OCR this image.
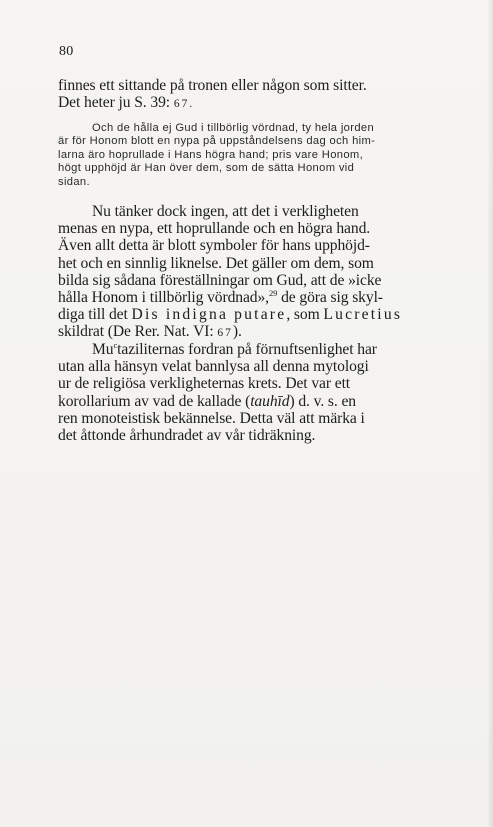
80
finnes ett sittande på tronen eller någon som sitter.
Det heter ju S. 39: 67.
Och de hålla ej Gud i tillbörlig vördnad, ty hela jorden
är för Honom blott en nypa på uppståndelsens dag och him-
larna äro hoprullade i Hans högra hand; pris vare Honom,
högt upphöjd är Han över dem, som de sätta Honom vid
sidan.
Nu tänker dock ingen, att det i verkligheten
menas en nypa, ett hoprullande och en högra hand.
Även allt detta är blott symboler för hans upphöjd-
het och en sinnlig liknelse. Det gäller om dem, som
bilda sig sådana föreställningar om Gud, att de »icke
hålla Honom i tillbörlig vördnad»,$^{29}$ de göra sig skyl-
diga till det Dis indigna putare, som Lucretius
skildrat (De Rer. Nat. VI: 67).
Mu$^c$taziliternas fordran på förnuftsenlighet har
utan alla hänsyn velat bannlysa all denna mytologi
ur de religiösa verkligheternas krets. Det var ett
korollarium av vad de kallade (tauhīd) d. v. s. en
ren monoteistisk bekännelse. Detta väl att märka i
det åttonde århundradet av vår tidräkning.
